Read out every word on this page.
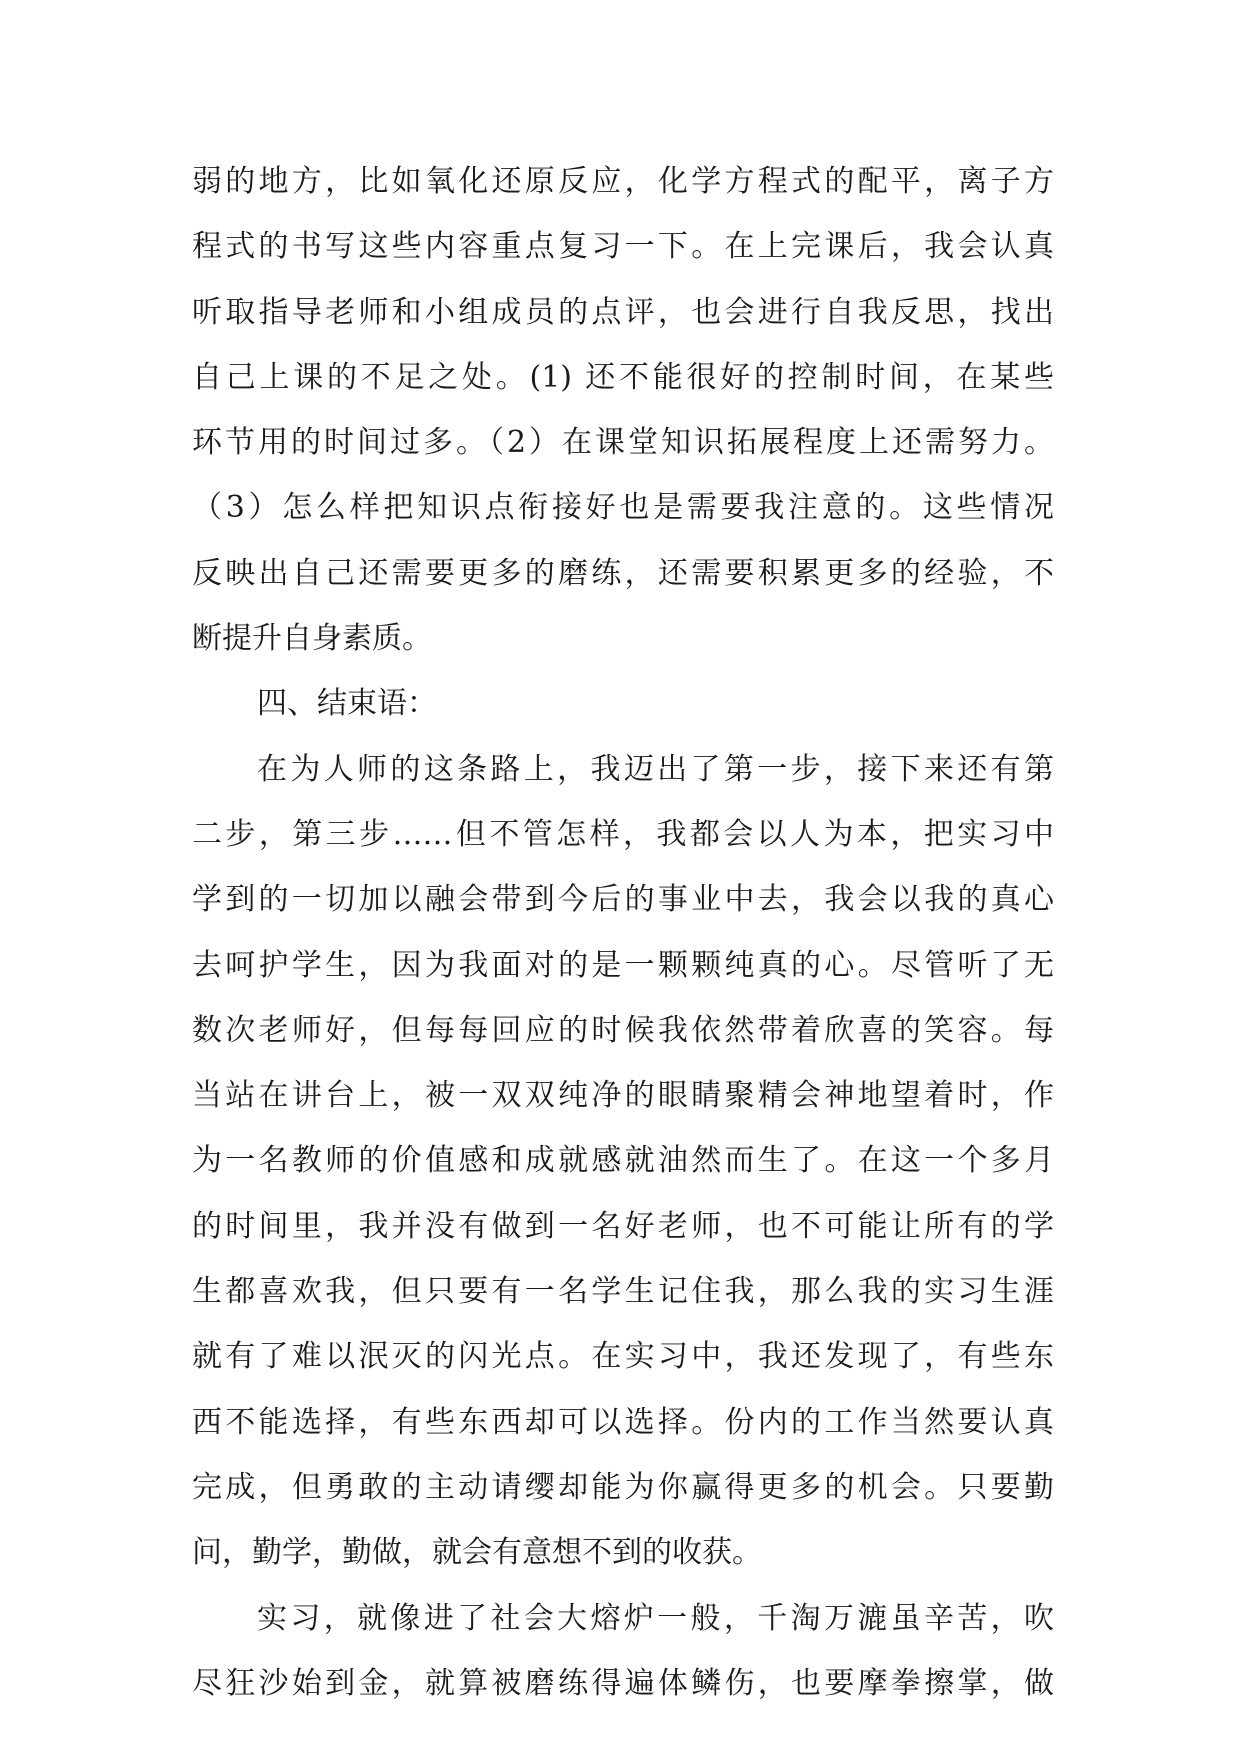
弱的地方，比如氧化还原反应，化学方程式的配平，离子方
程式的书写这些内容重点复习一下。在上完课后，我会认真
听取指导老师和小组成员的点评，也会进行自我反思，找出
自己上课的不足之处。(1) 还不能很好的控制时间，在某些
环节用的时间过多。（2）在课堂知识拓展程度上还需努力。
（3）怎么样把知识点衔接好也是需要我注意的。这些情况
反映出自己还需要更多的磨练，还需要积累更多的经验，不
断提升自身素质。
四、结束语：
在为人师的这条路上，我迈出了第一步，接下来还有第
二步，第三步……但不管怎样，我都会以人为本，把实习中
学到的一切加以融会带到今后的事业中去，我会以我的真心
去呵护学生，因为我面对的是一颗颗纯真的心。尽管听了无
数次老师好，但每每回应的时候我依然带着欣喜的笑容。每
当站在讲台上，被一双双纯净的眼睛聚精会神地望着时，作
为一名教师的价值感和成就感就油然而生了。在这一个多月
的时间里，我并没有做到一名好老师，也不可能让所有的学
生都喜欢我，但只要有一名学生记住我，那么我的实习生涯
就有了难以泯灭的闪光点。在实习中，我还发现了，有些东
西不能选择，有些东西却可以选择。份内的工作当然要认真
完成，但勇敢的主动请缨却能为你赢得更多的机会。只要勤
问，勤学，勤做，就会有意想不到的收获。
实习，就像进了社会大熔炉一般，千淘万漉虽辛苦，吹
尽狂沙始到金，就算被磨练得遍体鳞伤，也要摩拳擦掌，做
